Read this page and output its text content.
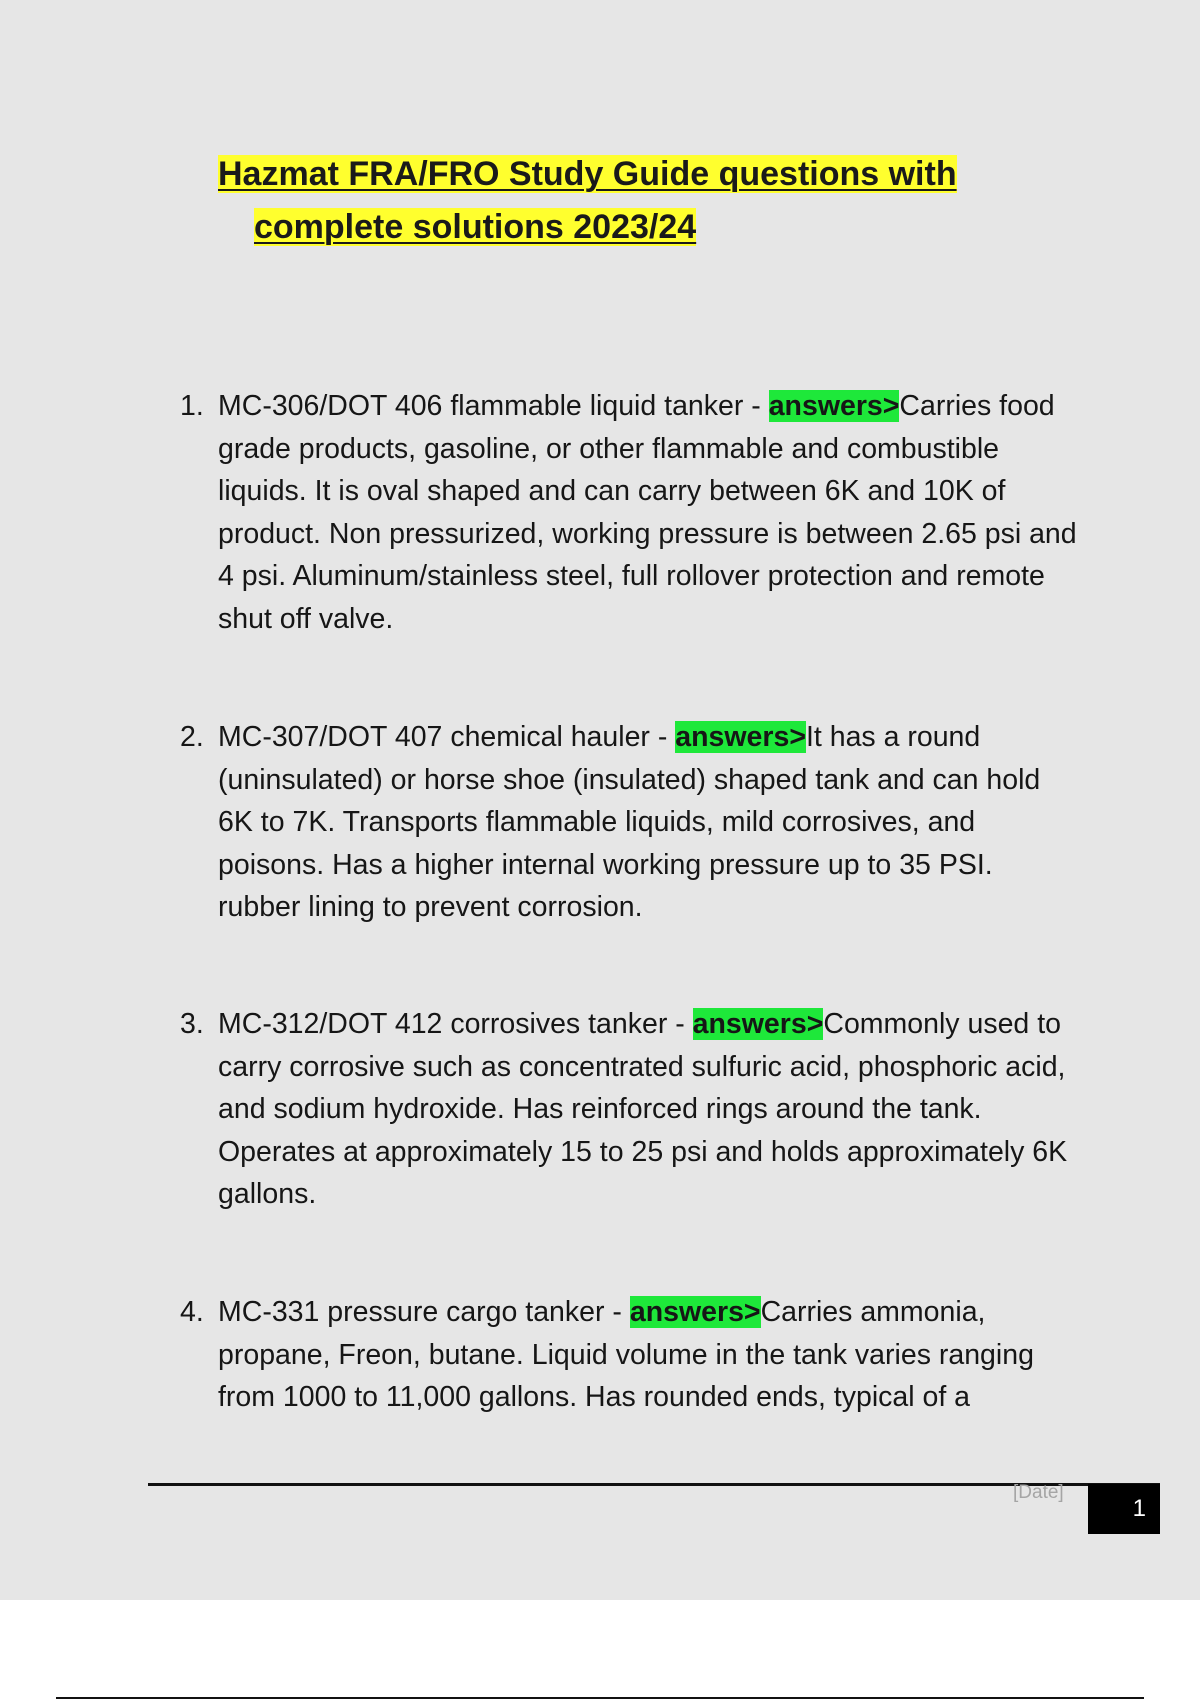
Hazmat FRA/FRO Study Guide questions with
complete solutions 2023/24
1. MC-306/DOT 406 flammable liquid tanker - answers>Carries food grade products, gasoline, or other flammable and combustible liquids. It is oval shaped and can carry between 6K and 10K of product. Non pressurized, working pressure is between 2.65 psi and 4 psi. Aluminum/stainless steel, full rollover protection and remote shut off valve.
2. MC-307/DOT 407 chemical hauler - answers>It has a round (uninsulated) or horse shoe (insulated) shaped tank and can hold 6K to 7K. Transports flammable liquids, mild corrosives, and poisons. Has a higher internal working pressure up to 35 PSI. rubber lining to prevent corrosion.
3. MC-312/DOT 412 corrosives tanker - answers>Commonly used to carry corrosive such as concentrated sulfuric acid, phosphoric acid, and sodium hydroxide. Has reinforced rings around the tank. Operates at approximately 15 to 25 psi and holds approximately 6K gallons.
4. MC-331 pressure cargo tanker - answers>Carries ammonia, propane, Freon, butane. Liquid volume in the tank varies ranging from 1000 to 11,000 gallons. Has rounded ends, typical of a
[Date]
1
